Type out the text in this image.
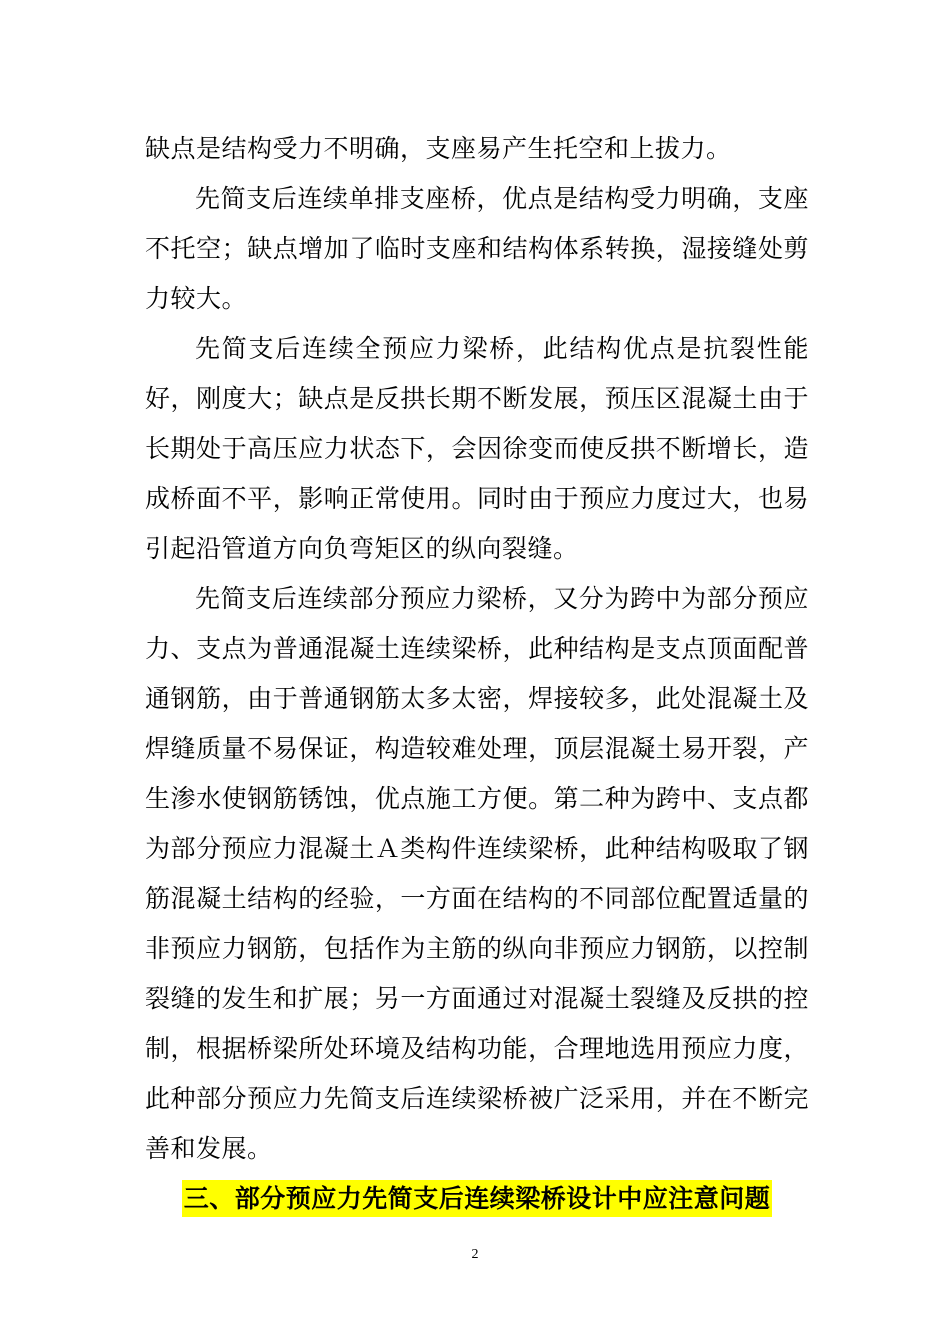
缺点是结构受力不明确，支座易产生托空和上拔力。

先简支后连续单排支座桥，优点是结构受力明确，支座不托空；缺点增加了临时支座和结构体系转换，湿接缝处剪力较大。

先简支后连续全预应力梁桥，此结构优点是抗裂性能好，刚度大；缺点是反拱长期不断发展，预压区混凝土由于长期处于高压应力状态下，会因徐变而使反拱不断增长，造成桥面不平，影响正常使用。同时由于预应力度过大，也易引起沿管道方向负弯矩区的纵向裂缝。

先简支后连续部分预应力梁桥，又分为跨中为部分预应力、支点为普通混凝土连续梁桥，此种结构是支点顶面配普通钢筋，由于普通钢筋太多太密，焊接较多，此处混凝土及焊缝质量不易保证，构造较难处理，顶层混凝土易开裂，产生渗水使钢筋锈蚀，优点施工方便。第二种为跨中、支点都为部分预应力混凝土Ａ类构件连续梁桥，此种结构吸取了钢筋混凝土结构的经验，一方面在结构的不同部位配置适量的非预应力钢筋，包括作为主筋的纵向非预应力钢筋，以控制裂缝的发生和扩展；另一方面通过对混凝土裂缝及反拱的控制，根据桥梁所处环境及结构功能，合理地选用预应力度，此种部分预应力先简支后连续梁桥被广泛采用，并在不断完善和发展。

三、部分预应力先简支后连续梁桥设计中应注意问题

2
